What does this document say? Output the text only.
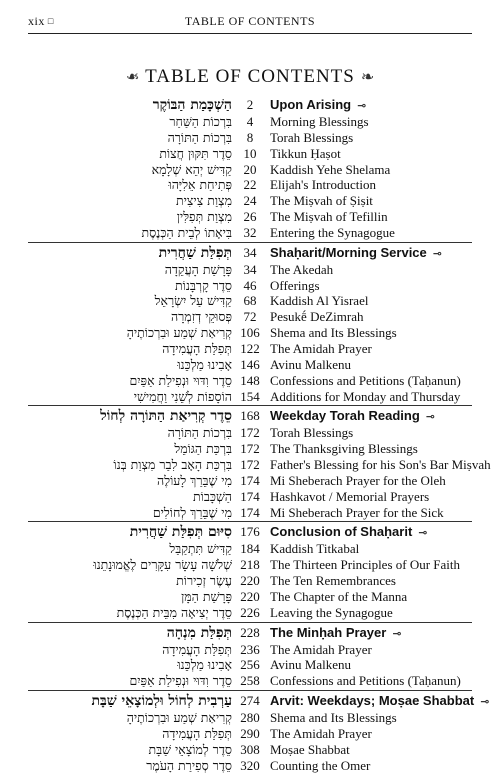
xix □	TABLE OF CONTENTS
❧ TABLE OF CONTENTS ❧
הַשְׁכָּמַת הַבּוֹקֶר	2	Upon Arising ⊸
בִּרְכוֹת הַשַּׁחַר	4	Morning Blessings
בִּרְכוֹת הַתּוֹרָה	8	Torah Blessings
סֵדֶר תִּקּוּן חֲצוֹת 10	Tikkun Ḥaṣot
קַדִּישׁ יְהֵא שְׁלָמָא 20	Kaddish Yehe Shelama
פְּתִיחַת אֵלִיָּהוּ 22	Elijah's Introduction
מִצְוַת צִיצִית 24	The Miṣvah of Ṣiṣit
מִצְוַת תְּפִלִּין 26	The Miṣvah of Tefillin
בִּיאָתוֹ לְבֵית הַכְּנֶסֶת 32	Entering the Synagogue
תְּפִלַּת שַׁחֲרִית 34	Shaḥarit/Morning Service ⊸
פָּרָשַׁת הָעֲקֵדָה 34	The Akedah
סֵדֶר קָרְבָּנוֹת 46	Offerings
קַדִּישׁ עַל יִשְׂרָאֵל 68	Kaddish Al Yisrael
פְּסוּקֵי דְזִמְרָה 72	Pesukḗ DeZimrah
קְרִיאַת שְׁמַע וּבִרְכוֹתֶיהָ 106 Shema and Its Blessings
תְּפִלַּת הָעֲמִידָה 122 The Amidah Prayer
אָבִינוּ מַלְכֵּנוּ 146 Avinu Malkenu
סֵדֶר וִדּוּי וּנְפִילַת אַפַּיִם 148 Confessions and Petitions (Taḥanun)
הוֹסָפוֹת לְשֵׁנִי וַחֲמִישִׁי 154 Additions for Monday and Thursday
סֵדֶר קְרִיאַת הַתּוֹרָה לְחוֹל 168 Weekday Torah Reading ⊸
בִּרְכוֹת הַתּוֹרָה 172 Torah Blessings
בִּרְכַּת הַגּוֹמֵל 172 The Thanksgiving Blessings
בִּרְכַּת הָאָב לִבַר מִצְוַת בְּנוֹ 172 Father's Blessing for his Son's Bar Miṣvah
מִי שֶׁבֵּרַךְ לָעוֹלֶה 174 Mi Sheberach Prayer for the Oleh
הַשְׁכָּבוֹת 174 Hashkavot / Memorial Prayers
מִי שֶׁבֵּרַךְ לְחוֹלִים 174 Mi Sheberach Prayer for the Sick
סִיּוּם תְּפִלַּת שַׁחֲרִית 176 Conclusion of Shaḥarit ⊸
קַדִּישׁ תִּתְקַבַּל 184 Kaddish Titkabal
שְׁלֹשָׁה עָשָׂר עִקָּרִים לֶאֱמוּנָתֵנוּ 218 The Thirteen Principles of Our Faith
עֶשֶׂר זְכִירוֹת 220 The Ten Remembrances
פָּרָשַׁת הַמָּן 220 The Chapter of the Manna
סֵדֶר יְצִיאָה מִבֵּית הַכְּנֶסֶת 226 Leaving the Synagogue
תְּפִלַּת מִנְחָה 228 The Minḥah Prayer ⊸
תְּפִלַּת הָעֲמִידָה 236 The Amidah Prayer
אָבִינוּ מַלְכֵּנוּ 256 Avinu Malkenu
סֵדֶר וִדּוּי וּנְפִילַת אַפַּיִם 258 Confessions and Petitions (Taḥanun)
עַרְבִית לְחוֹל וּלְמוֹצָאֵי שַׁבָּת 274 Arvit: Weekdays; Moṣae Shabbat ⊸
קְרִיאַת שְׁמַע וּבִרְכוֹתֶיהָ 280 Shema and Its Blessings
תְּפִלַּת הָעֲמִידָה 290 The Amidah Prayer
סֵדֶר לְמוֹצָאֵי שַׁבָּת 308 Moṣae Shabbat
סֵדֶר סְפִירַת הָעֹמֶר 320 Counting the Omer
